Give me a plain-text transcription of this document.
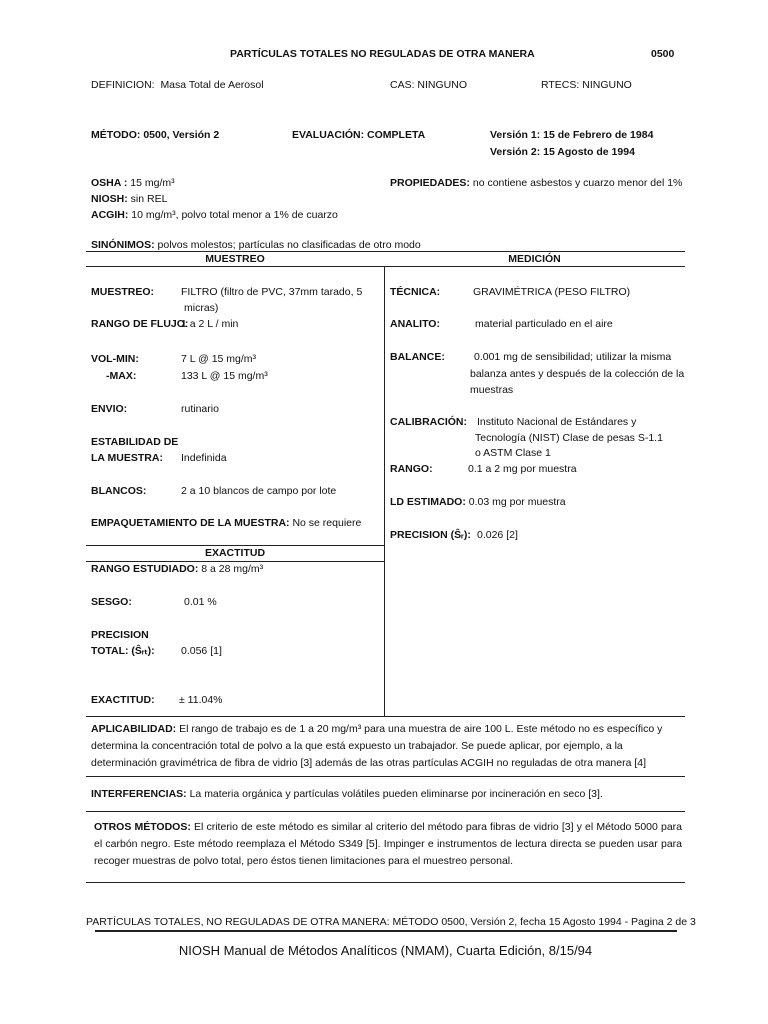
PARTÍCULAS TOTALES NO REGULADAS DE OTRA MANERA	0500
DEFINICION: Masa Total de Aerosol	CAS: NINGUNO	RTECS: NINGUNO
MÉTODO: 0500, Versión 2	EVALUACIÓN: COMPLETA	Versión 1: 15 de Febrero de 1984
Versión 2: 15 Agosto de 1994
OSHA : 15 mg/m³
NIOSH: sin REL
ACGIH: 10 mg/m³, polvo total menor a 1% de cuarzo
PROPIEDADES: no contiene asbestos y cuarzo menor del 1%
SINÓNIMOS: polvos molestos; partículas no clasificadas de otro modo
MUESTREO	MEDICIÓN
MUESTREO:	FILTRO (filtro de PVC, 37mm tarado, 5
micras)
RANGO DE FLUJO:
1 a 2 L / min
VOL-MIN:	7 L @ 15 mg/m³
-MAX:	133 L @ 15 mg/m³
ENVIO:	rutinario
ESTABILIDAD DE
LA MUESTRA: Indefinida
BLANCOS:	2 a 10 blancos de campo por lote
EMPAQUETAMIENTO DE LA MUESTRA: No se requiere
EXACTITUD
RANGO ESTUDIADO: 8 a 28 mg/m³
SESGO:	0.01 %
PRECISION
TOTAL: (Ŝᵣₜ):	0.056 [1]
EXACTITUD: ± 11.04%
TÉCNICA:	GRAVIMÉTRICA (PESO FILTRO)
ANALITO:	material particulado en el aire
BALANCE:	0.001 mg de sensibilidad; utilizar la misma
balanza antes y después de la colección de la
muestras
CALIBRACIÓN: Instituto Nacional de Estándares y
Tecnología (NIST) Clase de pesas S-1.1
o ASTM Clase 1
RANGO:	0.1 a 2 mg por muestra
LD ESTIMADO: 0.03 mg por muestra
PRECISION (Ŝᵣ): 0.026 [2]
APLICABILIDAD: El rango de trabajo es de 1 a 20 mg/m³ para una muestra de aire 100 L. Este método no es específico y determina la concentración total de polvo a la que está expuesto un trabajador. Se puede aplicar, por ejemplo, a la determinación gravimétrica de fibra de vidrio [3] además de las otras partículas ACGIH no reguladas de otra manera [4]
INTERFERENCIAS: La materia orgánica y partículas volátiles pueden eliminarse por incineración en seco [3].
OTROS MÉTODOS: El criterio de este método es similar al criterio del método para fibras de vidrio [3] y el Método 5000 para el carbón negro. Este método reemplaza el Método S349 [5]. Impinger e instrumentos de lectura directa se pueden usar para recoger muestras de polvo total, pero éstos tienen limitaciones para el muestreo personal.
PARTÍCULAS TOTALES, NO REGULADAS DE OTRA MANERA: MÉTODO 0500, Versión 2, fecha 15 Agosto 1994 - Pagina 2 de 3
NIOSH Manual de Métodos Analíticos (NMAM), Cuarta Edición, 8/15/94
